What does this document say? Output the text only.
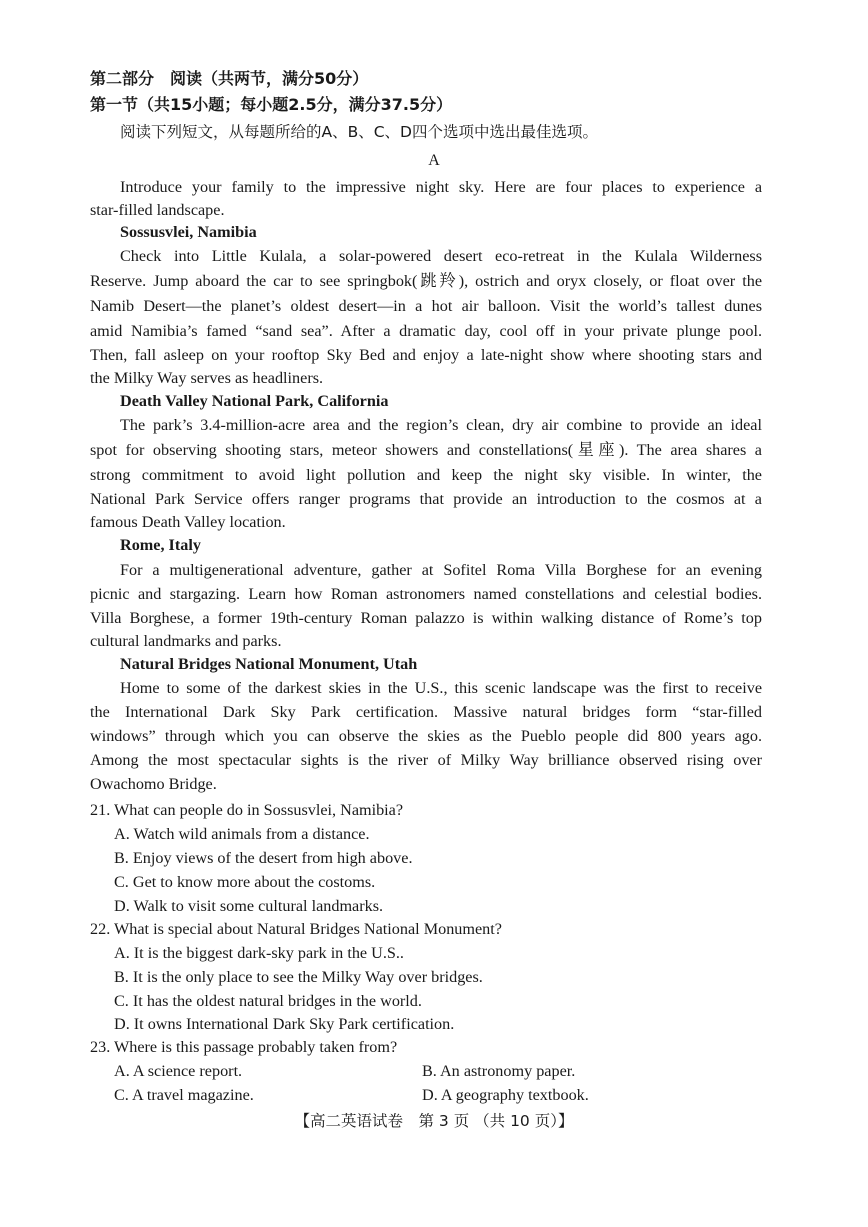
第二部分　阅读（共两节，满分50分）
第一节（共15小题；每小题2.5分，满分37.5分）
阅读下列短文，从每题所给的A、B、C、D四个选项中选出最佳选项。
A
Introduce your family to the impressive night sky. Here are four places to experience a
star-filled landscape.
Sossusvlei, Namibia
Check into Little Kulala, a solar-powered desert eco-retreat in the Kulala Wilderness
Reserve. Jump aboard the car to see springbok(跳羚), ostrich and oryx closely, or float over the
Namib Desert—the planet’s oldest desert—in a hot air balloon. Visit the world’s tallest dunes
amid Namibia’s famed “sand sea”. After a dramatic day, cool off in your private plunge pool.
Then, fall asleep on your rooftop Sky Bed and enjoy a late-night show where shooting stars and
the Milky Way serves as headliners.
Death Valley National Park, California
The park’s 3.4-million-acre area and the region’s clean, dry air combine to provide an ideal
spot for observing shooting stars, meteor showers and constellations(星座). The area shares a
strong commitment to avoid light pollution and keep the night sky visible. In winter, the
National Park Service offers ranger programs that provide an introduction to the cosmos at a
famous Death Valley location.
Rome, Italy
For a multigenerational adventure, gather at Sofitel Roma Villa Borghese for an evening
picnic and stargazing. Learn how Roman astronomers named constellations and celestial bodies.
Villa Borghese, a former 19th-century Roman palazzo is within walking distance of Rome’s top
cultural landmarks and parks.
Natural Bridges National Monument, Utah
Home to some of the darkest skies in the U.S., this scenic landscape was the first to receive
the International Dark Sky Park certification. Massive natural bridges form “star-filled
windows” through which you can observe the skies as the Pueblo people did 800 years ago.
Among the most spectacular sights is the river of Milky Way brilliance observed rising over
Owachomo Bridge.
21. What can people do in Sossusvlei, Namibia?
A. Watch wild animals from a distance.
B. Enjoy views of the desert from high above.
C. Get to know more about the costoms.
D. Walk to visit some cultural landmarks.
22. What is special about Natural Bridges National Monument?
A. It is the biggest dark-sky park in the U.S..
B. It is the only place to see the Milky Way over bridges.
C. It has the oldest natural bridges in the world.
D. It owns International Dark Sky Park certification.
23. Where is this passage probably taken from?
A. A science report.	B. An astronomy paper.
C. A travel magazine.	D. A geography textbook.
【高二英语试卷　第 3 页 （共 10 页）】
